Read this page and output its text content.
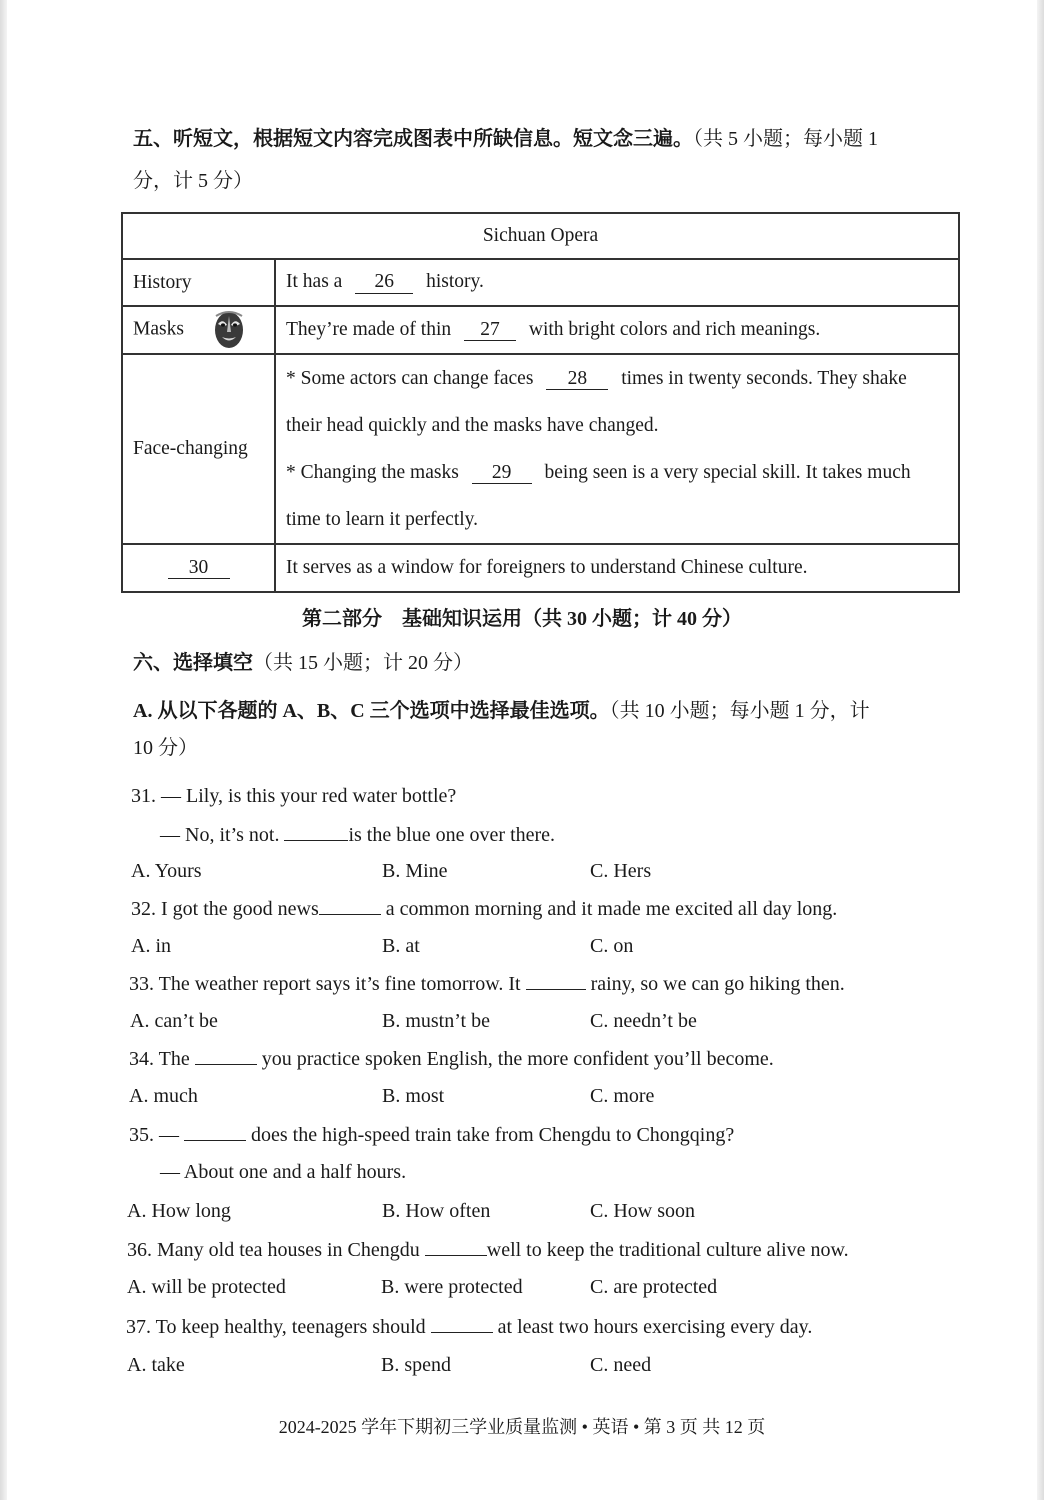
五、听短文，根据短文内容完成图表中所缺信息。短文念三遍。（共 5 小题；每小题 1
分，计 5 分）
Sichuan Opera	
History	It has a 26 history.
Masks	They’re made of thin 27 with bright colors and rich meanings.
Face-changing	* Some actors can change faces 28 times in twenty seconds. They shake
their head quickly and the masks have changed.
* Changing the masks 29 being seen is a very special skill. It takes much
time to learn it perfectly.

30	It serves as a window for foreigners to understand Chinese culture.
第二部分　基础知识运用（共 30 小题；计 40 分）
六、选择填空（共 15 小题；计 20 分）
A. 从以下各题的 A、B、C 三个选项中选择最佳选项。（共 10 小题；每小题 1 分，计
10 分）
31. — Lily, is this your red water bottle?
— No, it’s not.	is the blue one over there.
A. Yours	B. Mine	C. Hers
32. I got the good news	a common morning and it made me excited all day long.
A. in	B. at	C. on
33. The weather report says it’s fine tomorrow. It	rainy, so we can go hiking then.
A. can’t be	B. mustn’t be	C. needn’t be
34. The	you practice spoken English, the more confident you’ll become.
A. much	B. most	C. more
35. —	does the high-speed train take from Chengdu to Chongqing?
— About one and a half hours.
A. How long	B. How often	C. How soon
36. Many old tea houses in Chengdu	well to keep the traditional culture alive now.
A. will be protected	B. were protected	C. are protected
37. To keep healthy, teenagers should	at least two hours exercising every day.
A. take	B. spend	C. need
2024-2025 学年下期初三学业质量监测 • 英语 • 第 3 页 共 12 页
